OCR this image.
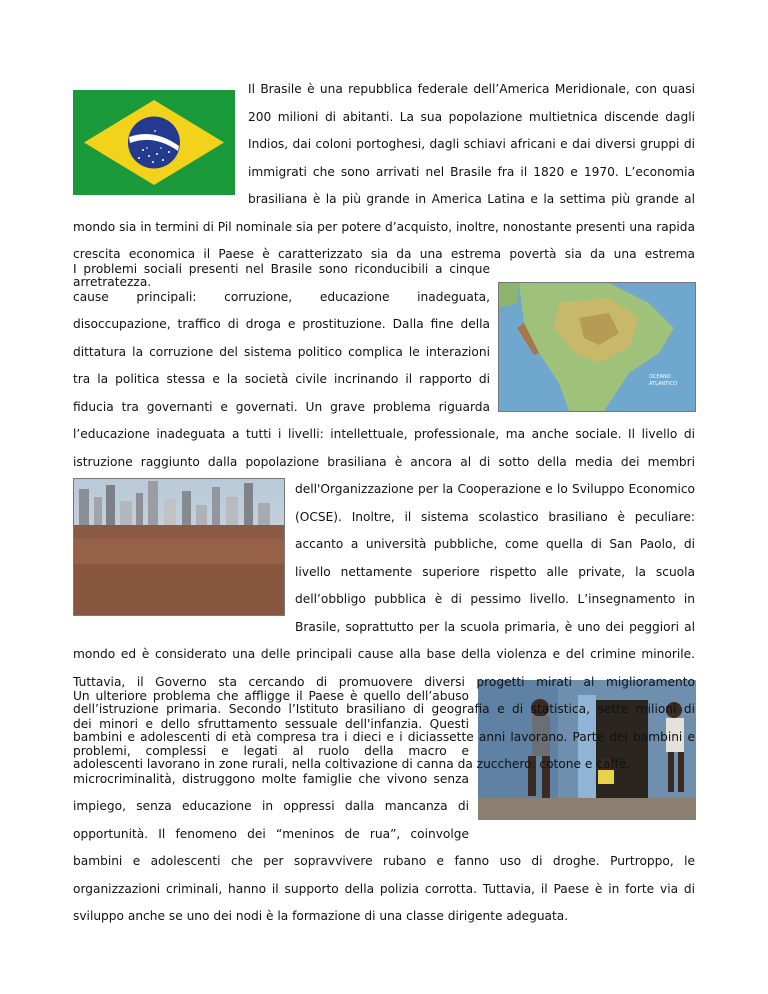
OCEANO
ATLANTICO

Il Brasile è una repubblica federale dell’America Meridionale, con quasi 200 milioni di abitanti. La sua popolazione multietnica discende dagli Indios, dai coloni portoghesi, dagli schiavi africani e dai diversi gruppi di immigrati che sono arrivati nel Brasile fra il 1820 e 1970. L’economia brasiliana è la più grande in America Latina e la settima più grande al mondo sia in termini di Pil nominale sia per potere d’acquisto, inoltre, nonostante presenti una rapida crescita economica il Paese è caratterizzato sia da una estrema povertà sia da una estrema arretratezza.

I problemi sociali presenti nel Brasile sono riconducibili a cinque cause principali: corruzione, educazione inadeguata, disoccupazione, traffico di droga e prostituzione. Dalla fine della dittatura la corruzione del sistema politico complica le interazioni tra la politica stessa e la società civile incrinando il rapporto di fiducia tra governanti e governati. Un grave problema riguarda l’educazione inadeguata a tutti i livelli: intellettuale, professionale, ma anche sociale. Il livello di istruzione raggiunto dalla popolazione brasiliana è ancora al di sotto della media dei membri dell'Organizzazione per la Cooperazione e lo Sviluppo Economico (OCSE). Inoltre, il sistema scolastico brasiliano è peculiare: accanto a università pubbliche, come quella di San Paolo, di livello nettamente superiore rispetto alle private, la scuola dell’obbligo pubblica è di pessimo livello. L’insegnamento in Brasile, soprattutto per la scuola primaria, è uno dei peggiori al mondo ed è considerato una delle principali cause alla base della violenza e del crimine minorile. Tuttavia, il Governo sta cercando di promuovere diversi progetti mirati al miglioramento dell’istruzione primaria. Secondo l’Istituto brasiliano di geografia e di statistica, sette milioni di bambini e adolescenti di età compresa tra i dieci e i diciassette anni lavorano. Parte dei bambini e adolescenti lavorano in zone rurali, nella coltivazione di canna da zucchero, cotone e caffè.

Un ulteriore problema che affligge il Paese è quello dell’abuso dei minori e dello sfruttamento sessuale dell'infanzia. Questi problemi, complessi e legati al ruolo della macro e microcriminalità, distruggono molte famiglie che vivono senza impiego, senza educazione in oppressi dalla mancanza di opportunità. Il fenomeno dei “meninos de rua”, coinvolge bambini e adolescenti che per sopravvivere rubano e fanno uso di droghe. Purtroppo, le organizzazioni criminali, hanno il supporto della polizia corrotta. Tuttavia, il Paese è in forte via di sviluppo anche se uno dei nodi è la formazione di una classe dirigente adeguata.
